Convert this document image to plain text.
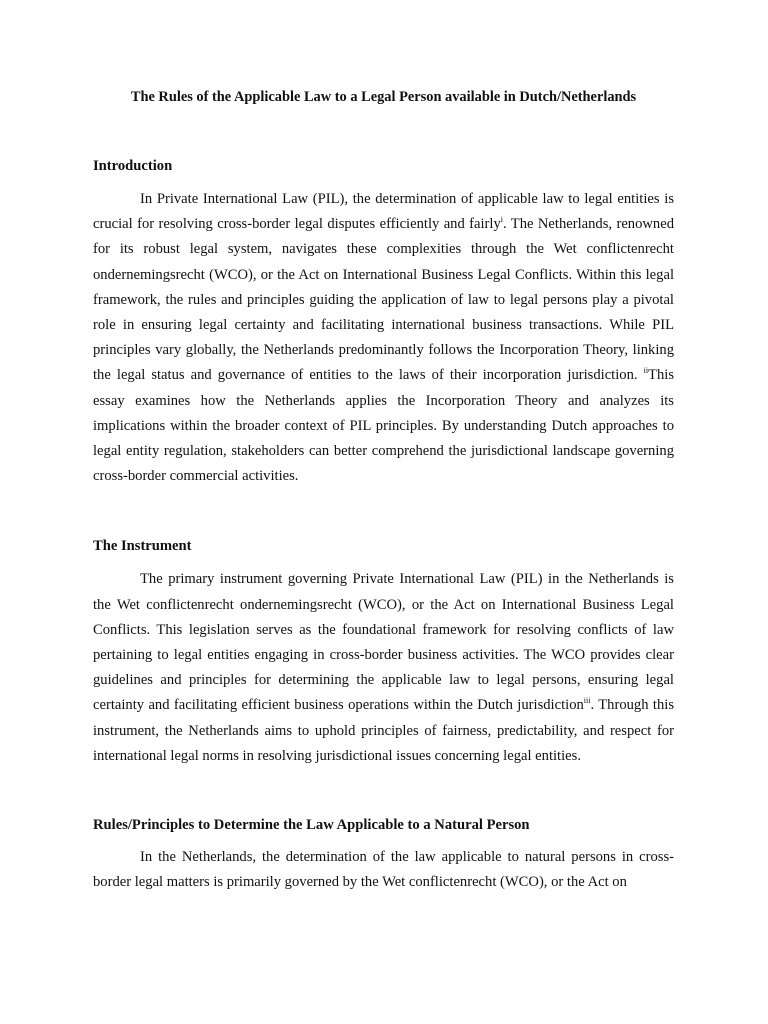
The Rules of the Applicable Law to a Legal Person available in Dutch/Netherlands
Introduction

In Private International Law (PIL), the determination of applicable law to legal entities is crucial for resolving cross-border legal disputes efficiently and fairly$^i$. The Netherlands, renowned for its robust legal system, navigates these complexities through the Wet conflictenrecht ondernemingsrecht (WCO), or the Act on International Business Legal Conflicts. Within this legal framework, the rules and principles guiding the application of law to legal persons play a pivotal role in ensuring legal certainty and facilitating international business transactions. While PIL principles vary globally, the Netherlands predominantly follows the Incorporation Theory, linking the legal status and governance of entities to the laws of their incorporation jurisdiction. $^{ii}$This essay examines how the Netherlands applies the Incorporation Theory and analyzes its implications within the broader context of PIL principles. By understanding Dutch approaches to legal entity regulation, stakeholders can better comprehend the jurisdictional landscape governing cross-border commercial activities.

The Instrument

The primary instrument governing Private International Law (PIL) in the Netherlands is the Wet conflictenrecht ondernemingsrecht (WCO), or the Act on International Business Legal Conflicts. This legislation serves as the foundational framework for resolving conflicts of law pertaining to legal entities engaging in cross-border business activities. The WCO provides clear guidelines and principles for determining the applicable law to legal persons, ensuring legal certainty and facilitating efficient business operations within the Dutch jurisdiction$^{iii}$. Through this instrument, the Netherlands aims to uphold principles of fairness, predictability, and respect for international legal norms in resolving jurisdictional issues concerning legal entities.

Rules/Principles to Determine the Law Applicable to a Natural Person

In the Netherlands, the determination of the law applicable to natural persons in cross-border legal matters is primarily governed by the Wet conflictenrecht (WCO), or the Act on
